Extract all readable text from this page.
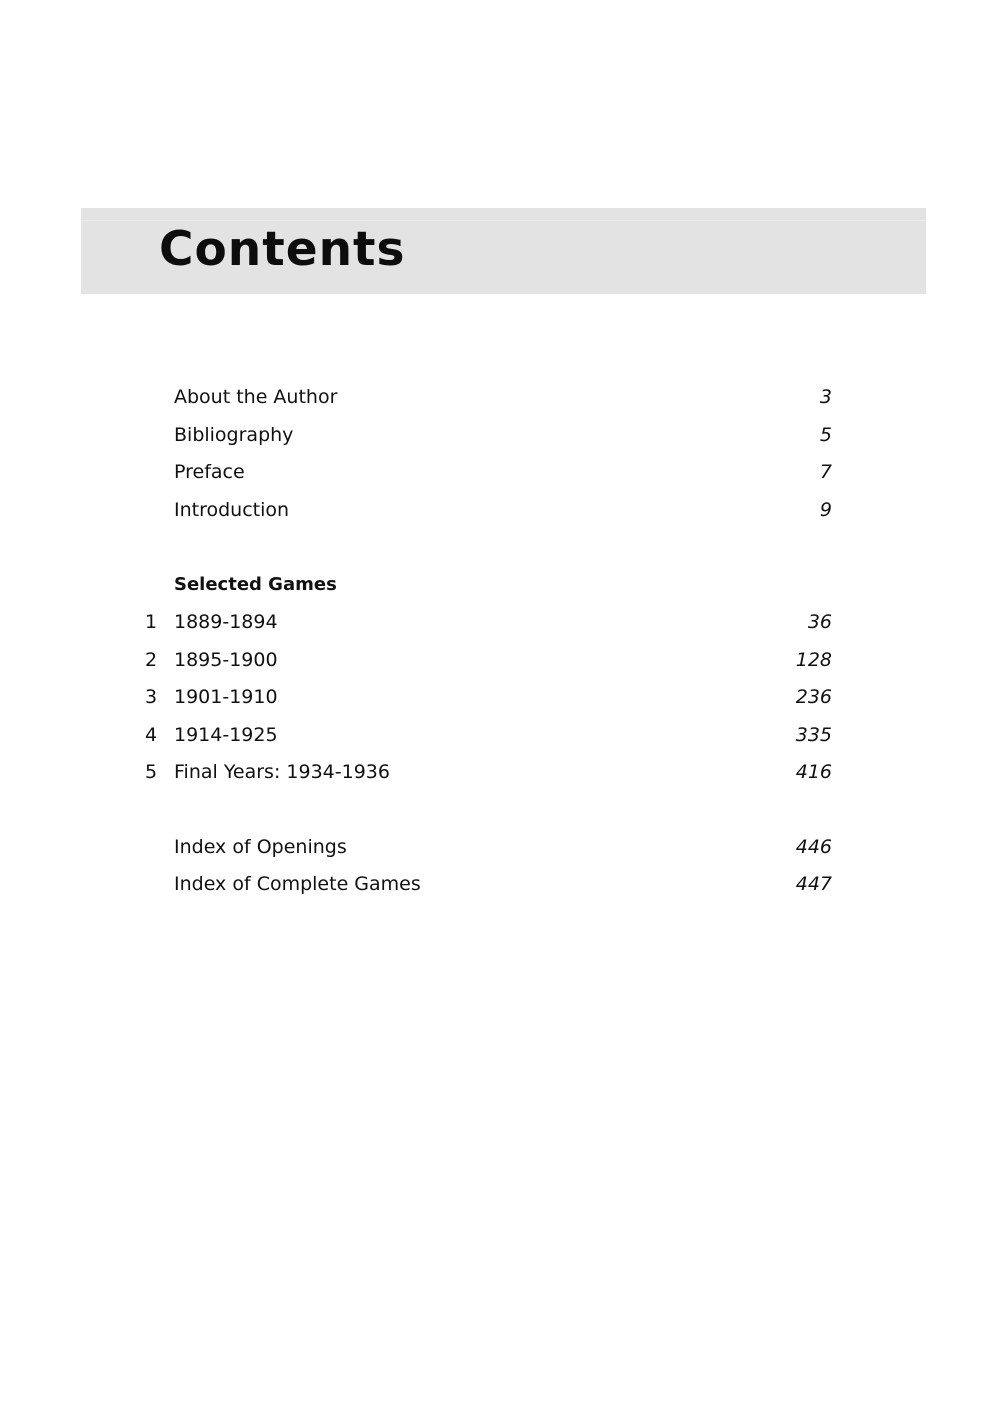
Contents
About the Author	3
Bibliography	5
Preface	7
Introduction	9
Selected Games
1 1889-1894	36
2 1895-1900	128
3 1901-1910	236
4 1914-1925	335
5 Final Years: 1934-1936	416
Index of Openings	446
Index of Complete Games	447
